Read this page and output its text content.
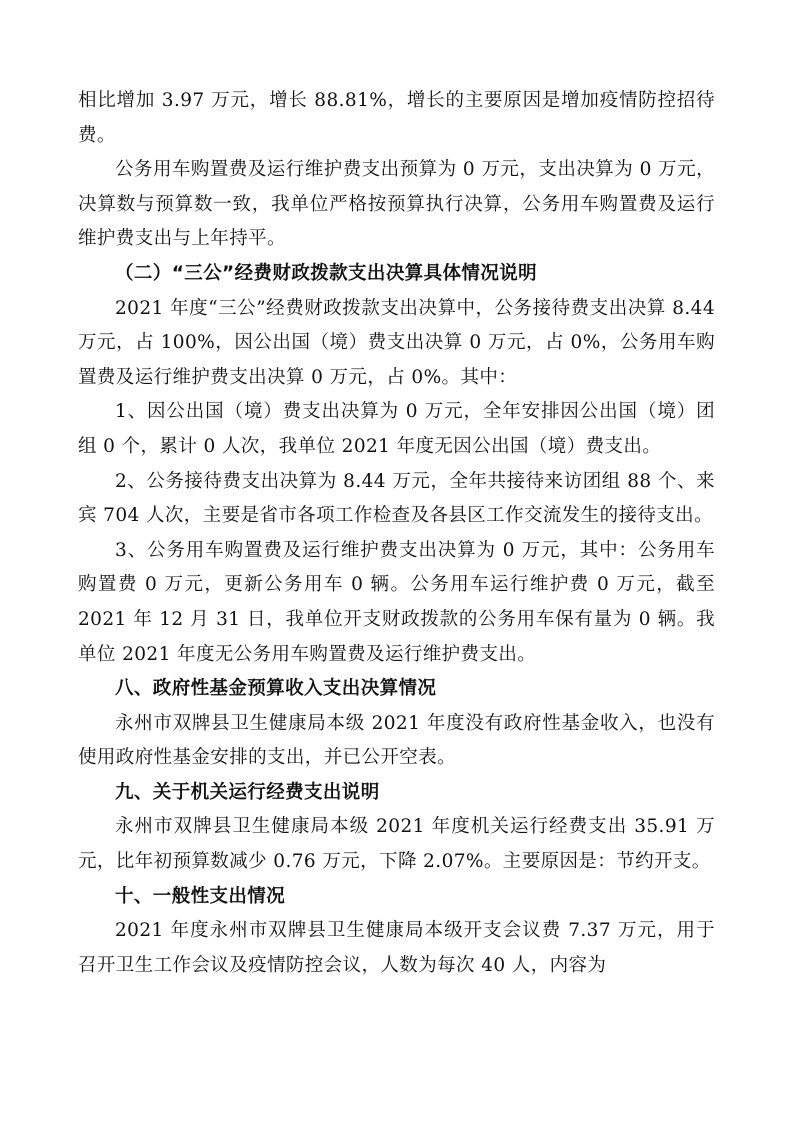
相比增加 3.97 万元，增长 88.81%，增长的主要原因是增加疫情防控招待费。

公务用车购置费及运行维护费支出预算为 0 万元，支出决算为 0 万元，决算数与预算数一致，我单位严格按预算执行决算，公务用车购置费及运行维护费支出与上年持平。

（二）“三公”经费财政拨款支出决算具体情况说明

2021 年度“三公”经费财政拨款支出决算中，公务接待费支出决算 8.44 万元，占 100%，因公出国（境）费支出决算 0 万元，占 0%，公务用车购置费及运行维护费支出决算 0 万元，占 0%。其中：

1、因公出国（境）费支出决算为 0 万元，全年安排因公出国（境）团组 0 个，累计 0 人次，我单位 2021 年度无因公出国（境）费支出。

2、公务接待费支出决算为 8.44 万元，全年共接待来访团组 88 个、来宾 704 人次，主要是省市各项工作检查及各县区工作交流发生的接待支出。

3、公务用车购置费及运行维护费支出决算为 0 万元，其中：公务用车购置费 0 万元，更新公务用车 0 辆。公务用车运行维护费 0 万元，截至 2021 年 12 月 31 日，我单位开支财政拨款的公务用车保有量为 0 辆。我单位 2021 年度无公务用车购置费及运行维护费支出。

八、政府性基金预算收入支出决算情况

永州市双牌县卫生健康局本级 2021 年度没有政府性基金收入，也没有使用政府性基金安排的支出，并已公开空表。

九、关于机关运行经费支出说明

永州市双牌县卫生健康局本级 2021 年度机关运行经费支出 35.91 万元，比年初预算数减少 0.76 万元，下降 2.07%。主要原因是：节约开支。

十、一般性支出情况

2021 年度永州市双牌县卫生健康局本级开支会议费 7.37 万元，用于召开卫生工作会议及疫情防控会议，人数为每次 40 人，内容为
